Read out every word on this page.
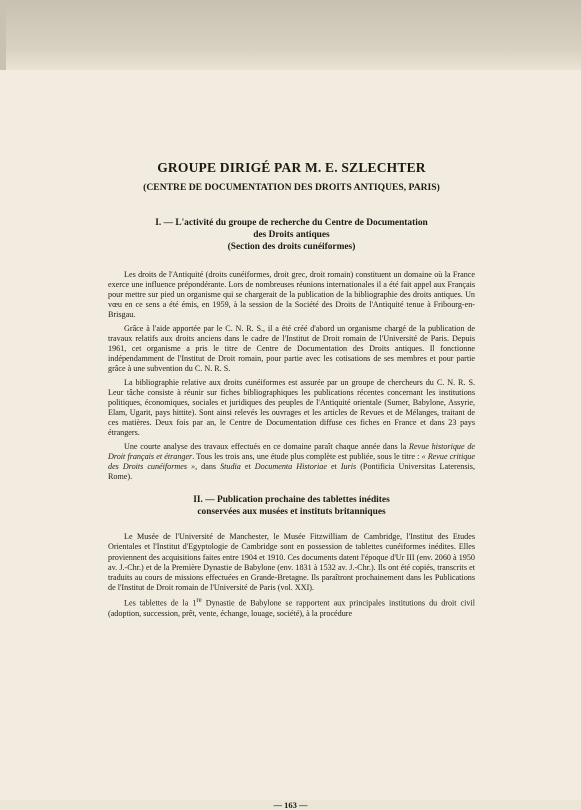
GROUPE DIRIGÉ PAR M. E. SZLECHTER

(CENTRE DE DOCUMENTATION DES DROITS ANTIQUES, PARIS)

I. — L'activité du groupe de recherche du Centre de Documentation
des Droits antiques
(Section des droits cunéiformes)

Les droits de l'Antiquité (droits cunéiformes, droit grec, droit romain) constituent un domaine où la France exerce une influence prépondérante. Lors de nombreuses réunions internationales il a été fait appel aux Français pour mettre sur pied un organisme qui se chargerait de la publication de la bibliographie des droits antiques. Un vœu en ce sens a été émis, en 1959, à la session de la Société des Droits de l'Antiquité tenue à Fribourg-en-Brisgau.

Grâce à l'aide apportée par le C. N. R. S., il a été créé d'abord un organisme chargé de la publication de travaux relatifs aux droits anciens dans le cadre de l'Institut de Droit romain de l'Université de Paris. Depuis 1961, cet organisme a pris le titre de Centre de Documentation des Droits antiques. Il fonctionne indépendamment de l'Institut de Droit romain, pour partie avec les cotisations de ses membres et pour partie grâce à une subvention du C. N. R. S.

La bibliographie relative aux droits cunéiformes est assurée par un groupe de chercheurs du C. N. R. S. Leur tâche consiste à réunir sur fiches bibliographiques les publications récentes concernant les institutions politiques, économiques, sociales et juridiques des peuples de l'Antiquité orientale (Sumer, Babylone, Assyrie, Elam, Ugarit, pays hittite). Sont ainsi relevés les ouvrages et les articles de Revues et de Mélanges, traitant de ces matières. Deux fois par an, le Centre de Documentation diffuse ces fiches en France et dans 23 pays étrangers.

Une courte analyse des travaux effectués en ce domaine paraît chaque année dans la Revue historique de Droit français et étranger. Tous les trois ans, une étude plus complète est publiée, sous le titre : « Revue critique des Droits cunéiformes », dans Studia et Documenta Historiae et Iuris (Pontificia Universitas Laterensis, Rome).

II. — Publication prochaine des tablettes inédites
conservées aux musées et instituts britanniques

Le Musée de l'Université de Manchester, le Musée Fitzwilliam de Cambridge, l'Institut des Etudes Orientales et l'Institut d'Egyptologie de Cambridge sont en possession de tablettes cunéiformes inédites. Elles proviennent des acquisitions faites entre 1904 et 1910. Ces documents datent l'époque d'Ur III (env. 2060 à 1950 av. J.-Chr.) et de la Première Dynastie de Babylone (env. 1831 à 1532 av. J.-Chr.). Ils ont été copiés, transcrits et traduits au cours de missions effectuées en Grande-Bretagne. Ils paraîtront prochainement dans les Publications de l'Institut de Droit romain de l'Université de Paris (vol. XXI).

Les tablettes de la 1re Dynastie de Babylone se rapportent aux principales institutions du droit civil (adoption, succession, prêt, vente, échange, louage, société), à la procédure

— 163 —
